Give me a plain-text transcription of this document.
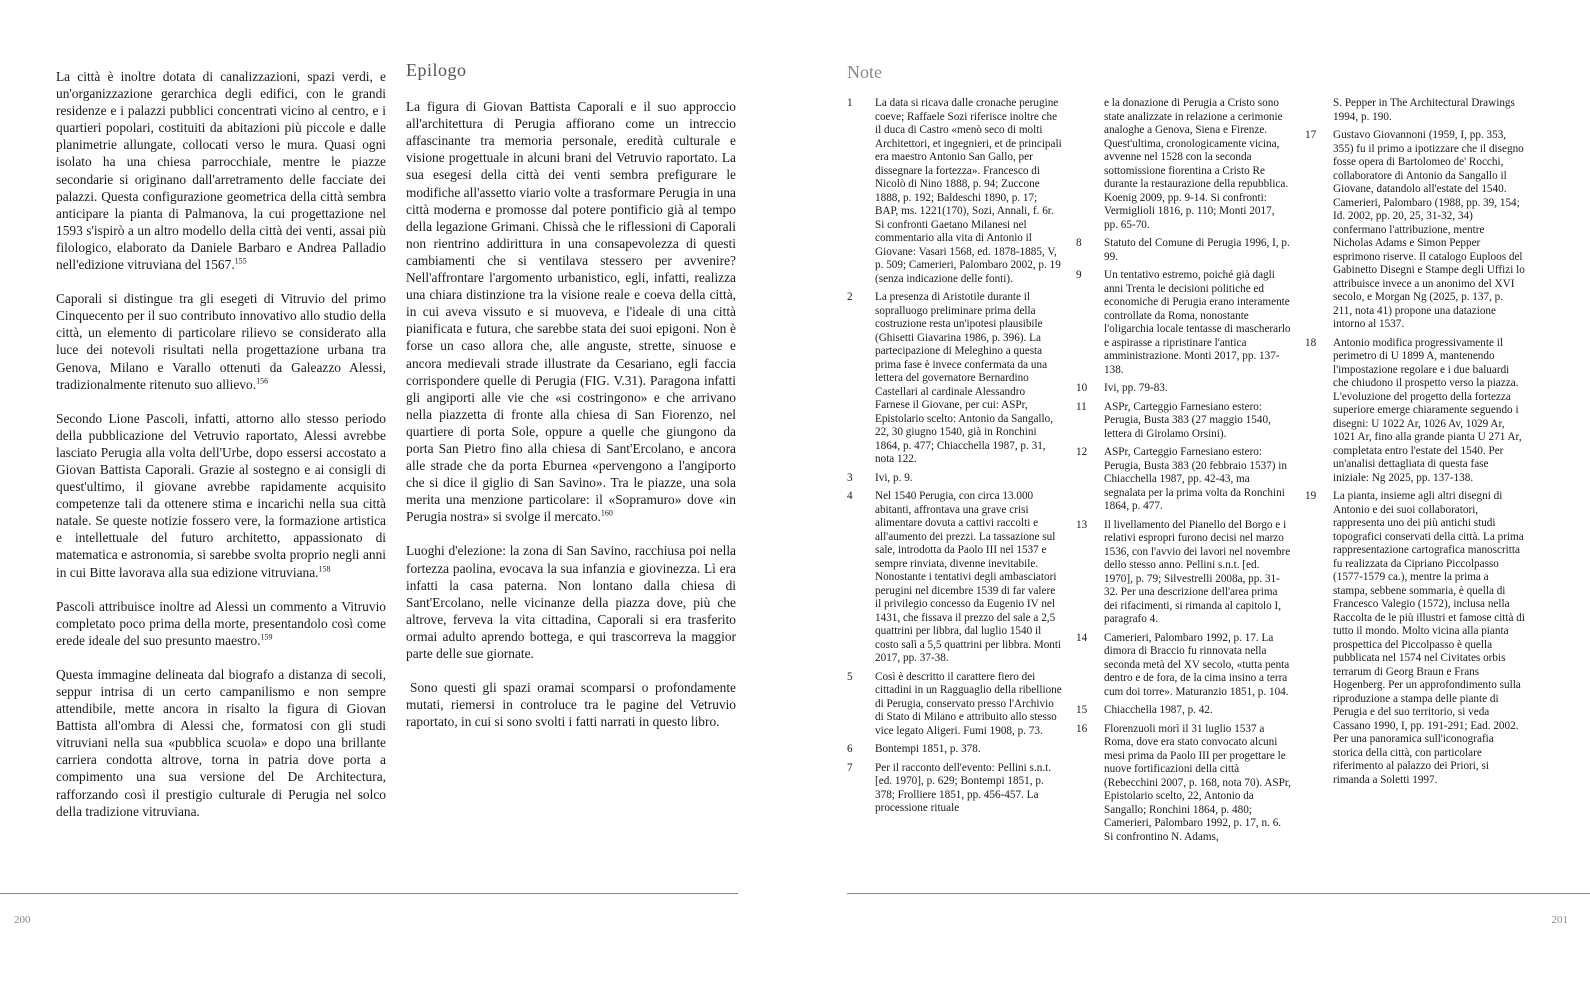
La città è inoltre dotata di canalizzazioni, spazi verdi, e un'organizzazione gerarchica degli edifici, con le grandi residenze e i palazzi pubblici concentrati vicino al centro, e i quartieri popolari, costituiti da abitazioni più piccole e dalle planimetrie allungate, collocati verso le mura. Quasi ogni isolato ha una chiesa parrocchiale, mentre le piazze secondarie si originano dall'arretramento delle facciate dei palazzi. Questa configurazione geometrica della città sembra anticipare la pianta di Palmanova, la cui progettazione nel 1593 s'ispirò a un altro modello della città dei venti, assai più filologico, elaborato da Daniele Barbaro e Andrea Palladio nell'edizione vitruviana del 1567.$^{155}$

Caporali si distingue tra gli esegeti di Vitruvio del primo Cinquecento per il suo contributo innovativo allo studio della città, un elemento di particolare rilievo se considerato alla luce dei notevoli risultati nella progettazione urbana tra Genova, Milano e Varallo ottenuti da Galeazzo Alessi, tradizionalmente ritenuto suo allievo.$^{156}$

Secondo Lione Pascoli, infatti, attorno allo stesso periodo della pubblicazione del Vetruvio raportato, Alessi avrebbe lasciato Perugia alla volta dell'Urbe, dopo essersi accostato a Giovan Battista Caporali. Grazie al sostegno e ai consigli di quest'ultimo, il giovane avrebbe rapidamente acquisito competenze tali da ottenere stima e incarichi nella sua città natale. Se queste notizie fossero vere, la formazione artistica e intellettuale del futuro architetto, appassionato di matematica e astronomia, si sarebbe svolta proprio negli anni in cui Bitte lavorava alla sua edizione vitruviana.$^{158}$

Pascoli attribuisce inoltre ad Alessi un commento a Vitruvio completato poco prima della morte, presentandolo così come erede ideale del suo presunto maestro.$^{159}$

Questa immagine delineata dal biografo a distanza di secoli, seppur intrisa di un certo campanilismo e non sempre attendibile, mette ancora in risalto la figura di Giovan Battista all'ombra di Alessi che, formatosi con gli studi vitruviani nella sua «pubblica scuola» e dopo una brillante carriera condotta altrove, torna in patria dove porta a compimento una sua versione del De Architectura, rafforzando così il prestigio culturale di Perugia nel solco della tradizione vitruviana.

Epilogo

La figura di Giovan Battista Caporali e il suo approccio all'architettura di Perugia affiorano come un intreccio affascinante tra memoria personale, eredità culturale e visione progettuale in alcuni brani del Vetruvio raportato. La sua esegesi della città dei venti sembra prefigurare le modifiche all'assetto viario volte a trasformare Perugia in una città moderna e promosse dal potere pontificio già al tempo della legazione Grimani. Chissà che le riflessioni di Caporali non rientrino addirittura in una consapevolezza di questi cambiamenti che si ventilava stessero per avvenire? Nell'affrontare l'argomento urbanistico, egli, infatti, realizza una chiara distinzione tra la visione reale e coeva della città, in cui aveva vissuto e si muoveva, e l'ideale di una città pianificata e futura, che sarebbe stata dei suoi epigoni. Non è forse un caso allora che, alle anguste, strette, sinuose e ancora medievali strade illustrate da Cesariano, egli faccia corrispondere quelle di Perugia (FIG. V.31). Paragona infatti gli angiporti alle vie che «si costringono» e che arrivano nella piazzetta di fronte alla chiesa di San Fiorenzo, nel quartiere di porta Sole, oppure a quelle che giungono da porta San Pietro fino alla chiesa di Sant'Ercolano, e ancora alle strade che da porta Eburnea «pervengono a l'angiporto che si dice il giglio di San Savino». Tra le piazze, una sola merita una menzione particolare: il «Sopramuro» dove «in Perugia nostra» si svolge il mercato.$^{160}$

Luoghi d'elezione: la zona di San Savino, racchiusa poi nella fortezza paolina, evocava la sua infanzia e giovinezza. Lì era infatti la casa paterna. Non lontano dalla chiesa di Sant'Ercolano, nelle vicinanze della piazza dove, più che altrove, ferveva la vita cittadina, Caporali si era trasferito ormai adulto aprendo bottega, e qui trascorreva la maggior parte delle sue giornate.

Sono questi gli spazi oramai scomparsi o profondamente mutati, riemersi in controluce tra le pagine del Vetruvio raportato, in cui si sono svolti i fatti narrati in questo libro.

200
Note
1	La data si ricava dalle cronache perugine coeve; Raffaele Sozi riferisce inoltre che il duca di Castro «menò seco di molti Architettori, et ingegnieri, et de principali era maestro Antonio San Gallo, per dissegnare la fortezza». Francesco di Nicolò di Nino 1888, p. 94; Zuccone 1888, p. 192; Baldeschi 1890, p. 17; BAP, ms. 1221(170), Sozi, Annali, f. 6r. Si confronti Gaetano Milanesi nel commentario alla vita di Antonio il Giovane: Vasari 1568, ed. 1878-1885, V, p. 509; Camerieri, Palombaro 2002, p. 19 (senza indicazione delle fonti).
2	La presenza di Aristotile durante il sopralluogo preliminare prima della costruzione resta un'ipotesi plausibile (Ghisetti Giavarina 1986, p. 396). La partecipazione di Meleghino a questa prima fase è invece confermata da una lettera del governatore Bernardino Castellari al cardinale Alessandro Farnese il Giovane, per cui: ASPr, Epistolario scelto: Antonio da Sangallo, 22, 30 giugno 1540, già in Ronchini 1864, p. 477; Chiacchella 1987, p. 31, nota 122.
3	Ivi, p. 9.
4	Nel 1540 Perugia, con circa 13.000 abitanti, affrontava una grave crisi alimentare dovuta a cattivi raccolti e all'aumento dei prezzi. La tassazione sul sale, introdotta da Paolo III nel 1537 e sempre rinviata, divenne inevitabile. Nonostante i tentativi degli ambasciatori perugini nel dicembre 1539 di far valere il privilegio concesso da Eugenio IV nel 1431, che fissava il prezzo del sale a 2,5 quattrini per libbra, dal luglio 1540 il costo salì a 5,5 quattrini per libbra. Monti 2017, pp. 37-38.
5	Così è descritto il carattere fiero dei cittadini in un Ragguaglio della ribellione di Perugia, conservato presso l'Archivio di Stato di Milano e attribuito allo stesso vice legato Aligeri. Fumi 1908, p. 73.
6	Bontempi 1851, p. 378.
7	Per il racconto dell'evento: Pellini s.n.t. [ed. 1970], p. 629; Bontempi 1851, p. 378; Frolliere 1851, pp. 456-457. La processione rituale
e la donazione di Perugia a Cristo sono state analizzate in relazione a cerimonie analoghe a Genova, Siena e Firenze. Quest'ultima, cronologicamente vicina, avvenne nel 1528 con la seconda sottomissione fiorentina a Cristo Re durante la restaurazione della repubblica. Koenig 2009, pp. 9-14. Si confronti: Vermiglioli 1816, p. 110; Monti 2017, pp. 65-70.
8	Statuto del Comune di Perugia 1996, I, p. 99.
9	Un tentativo estremo, poiché già dagli anni Trenta le decisioni politiche ed economiche di Perugia erano interamente controllate da Roma, nonostante l'oligarchia locale tentasse di mascherarlo e aspirasse a ripristinare l'antica amministrazione. Monti 2017, pp. 137-138.
10	Ivi, pp. 79-83.
11	ASPr, Carteggio Farnesiano estero: Perugia, Busta 383 (27 maggio 1540, lettera di Girolamo Orsini).
12	ASPr, Carteggio Farnesiano estero: Perugia, Busta 383 (20 febbraio 1537) in Chiacchella 1987, pp. 42-43, ma segnalata per la prima volta da Ronchini 1864, p. 477.
13	Il livellamento del Pianello del Borgo e i relativi espropri furono decisi nel marzo 1536, con l'avvio dei lavori nel novembre dello stesso anno. Pellini s.n.t. [ed. 1970], p. 79; Silvestrelli 2008a, pp. 31-32. Per una descrizione dell'area prima dei rifacimenti, si rimanda al capitolo I, paragrafo 4.
14	Camerieri, Palombaro 1992, p. 17. La dimora di Braccio fu rinnovata nella seconda metà del XV secolo, «tutta penta dentro e de fora, de la cima insino a terra cum doi torre». Maturanzio 1851, p. 104.
15	Chiacchella 1987, p. 42.
16	Florenzuoli morì il 31 luglio 1537 a Roma, dove era stato convocato alcuni mesi prima da Paolo III per progettare le nuove fortificazioni della città (Rebecchini 2007, p. 168, nota 70). ASPr, Epistolario scelto, 22, Antonio da Sangallo; Ronchini 1864, p. 480; Camerieri, Palombaro 1992, p. 17, n. 6. Si confrontino N. Adams,
S. Pepper in The Architectural Drawings 1994, p. 190.
17	Gustavo Giovannoni (1959, I, pp. 353, 355) fu il primo a ipotizzare che il disegno fosse opera di Bartolomeo de' Rocchi, collaboratore di Antonio da Sangallo il Giovane, datandolo all'estate del 1540. Camerieri, Palombaro (1988, pp. 39, 154; Id. 2002, pp. 20, 25, 31-32, 34) confermano l'attribuzione, mentre Nicholas Adams e Simon Pepper esprimono riserve. Il catalogo Euploos del Gabinetto Disegni e Stampe degli Uffizi lo attribuisce invece a un anonimo del XVI secolo, e Morgan Ng (2025, p. 137, p. 211, nota 41) propone una datazione intorno al 1537.
18	Antonio modifica progressivamente il perimetro di U 1899 A, mantenendo l'impostazione regolare e i due baluardi che chiudono il prospetto verso la piazza. L'evoluzione del progetto della fortezza superiore emerge chiaramente seguendo i disegni: U 1022 Ar, 1026 Av, 1029 Ar, 1021 Ar, fino alla grande pianta U 271 Ar, completata entro l'estate del 1540. Per un'analisi dettagliata di questa fase iniziale: Ng 2025, pp. 137-138.
19	La pianta, insieme agli altri disegni di Antonio e dei suoi collaboratori, rappresenta uno dei più antichi studi topografici conservati della città. La prima rappresentazione cartografica manoscritta fu realizzata da Cipriano Piccolpasso (1577-1579 ca.), mentre la prima a stampa, sebbene sommaria, è quella di Francesco Valegio (1572), inclusa nella Raccolta de le più illustri et famose città di tutto il mondo. Molto vicina alla pianta prospettica del Piccolpasso è quella pubblicata nel 1574 nel Civitates orbis terrarum di Georg Braun e Frans Hogenberg. Per un approfondimento sulla riproduzione a stampa delle piante di Perugia e del suo territorio, si veda Cassano 1990, I, pp. 191-291; Ead. 2002. Per una panoramica sull'iconografia storica della città, con particolare riferimento al palazzo dei Priori, si rimanda a Soletti 1997.
201
